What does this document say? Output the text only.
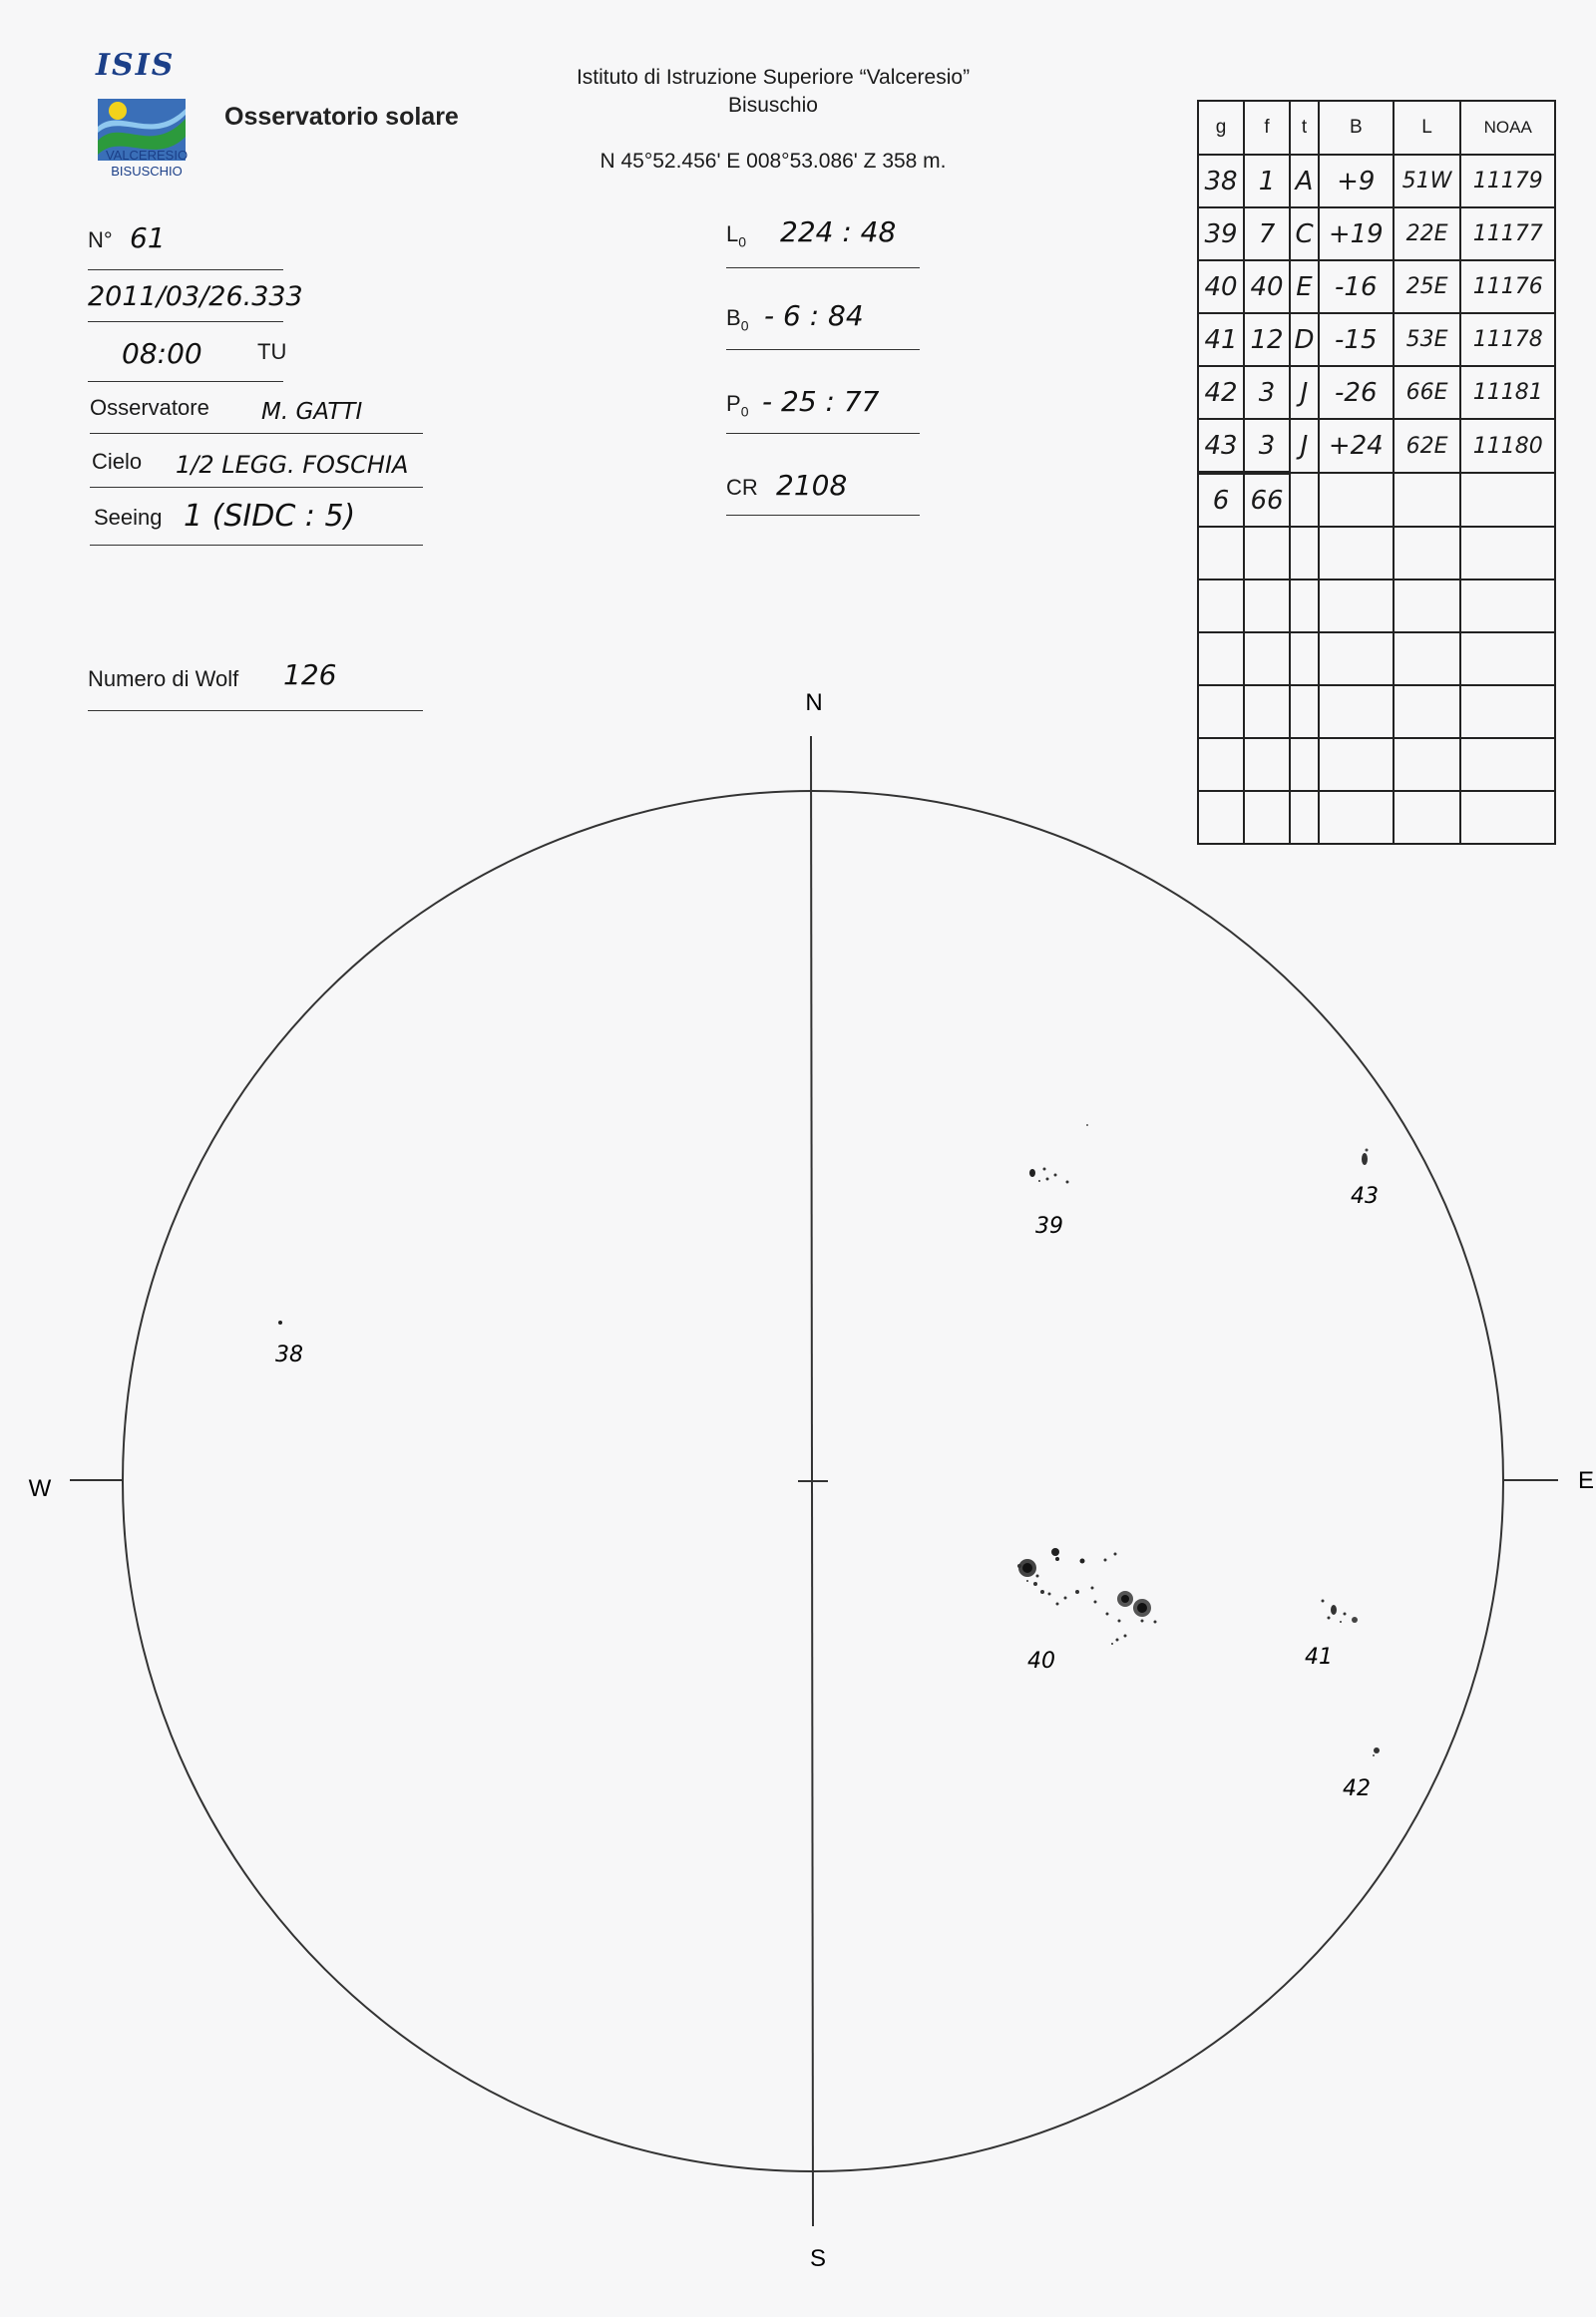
ISIS
VALCERESIO
BISUSCHIO
Osservatorio solare
Istituto di Istruzione Superiore “Valceresio”
Bisuschio
N 45°52.456' E 008°53.086' Z 358 m.
N° 61
2011/03/26.333
08:00	TU
Osservatore M. GATTI
Cielo 1/2 LEGG. FOSCHIA
Seeing 1 (SIDC : 5)
Numero di Wolf 126
$L_0$ 224 : 48
$B_0 - 6$ : 84
$P_0 - 25$ : 77
CR 2108
g	f	t	B	L	NOAA
38	1	A	+9	51W	11179
39	7	C	+19	22E	11177
40	40	E	-16	25E	11176
41	12	D	-15	53E	11178
42	3	J	-26	66E	11181
43	3	J	+24	62E	11180
6	66				

N
S
W	E
38
39
43
40	41
42
